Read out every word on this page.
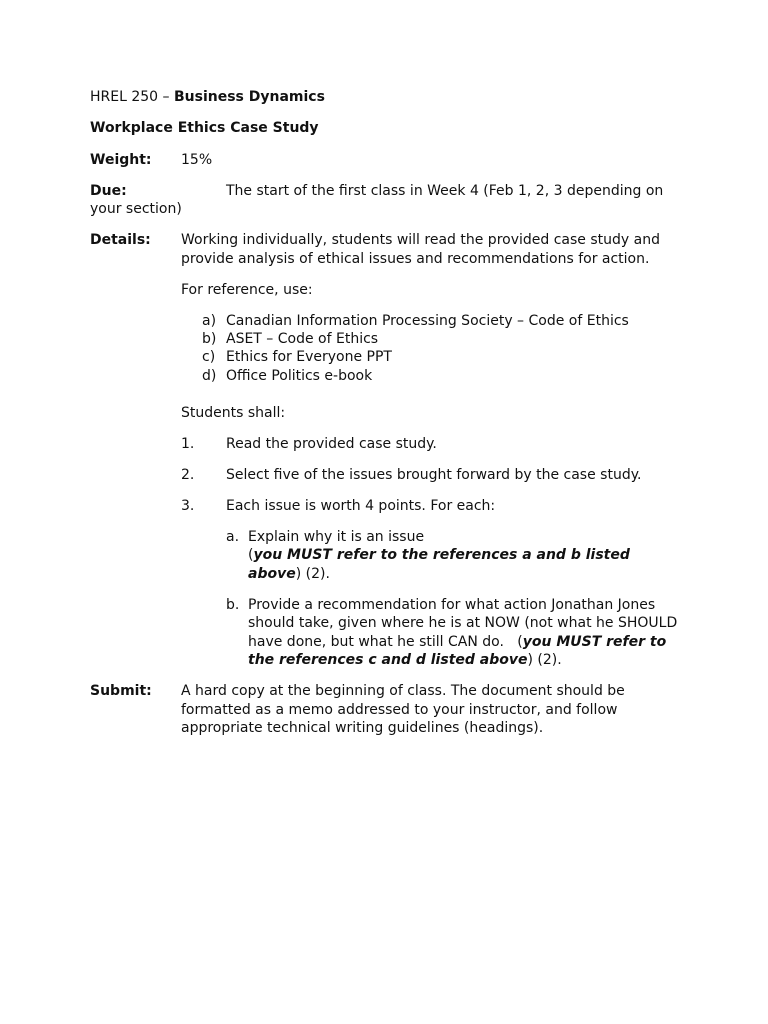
HREL 250 – Business Dynamics
Workplace Ethics Case Study
Weight: 15%
Due:	The start of the first class in Week 4 (Feb 1, 2, 3 depending on
your section)
Details: Working individually, students will read the provided case study and
provide analysis of ethical issues and recommendations for action.
For reference, use:
a) Canadian Information Processing Society – Code of Ethics
b) ASET – Code of Ethics
c) Ethics for Everyone PPT
d) Office Politics e-book
Students shall:
1. Read the provided case study.
2. Select five of the issues brought forward by the case study.
3. Each issue is worth 4 points. For each:
a. Explain why it is an issue
(you MUST refer to the references a and b listed
above) (2).
b. Provide a recommendation for what action Jonathan Jones
should take, given where he is at NOW (not what he SHOULD
have done, but what he still CAN do.   (you MUST refer to
the references c and d listed above) (2).
Submit: A hard copy at the beginning of class. The document should be
formatted as a memo addressed to your instructor, and follow
appropriate technical writing guidelines (headings).
